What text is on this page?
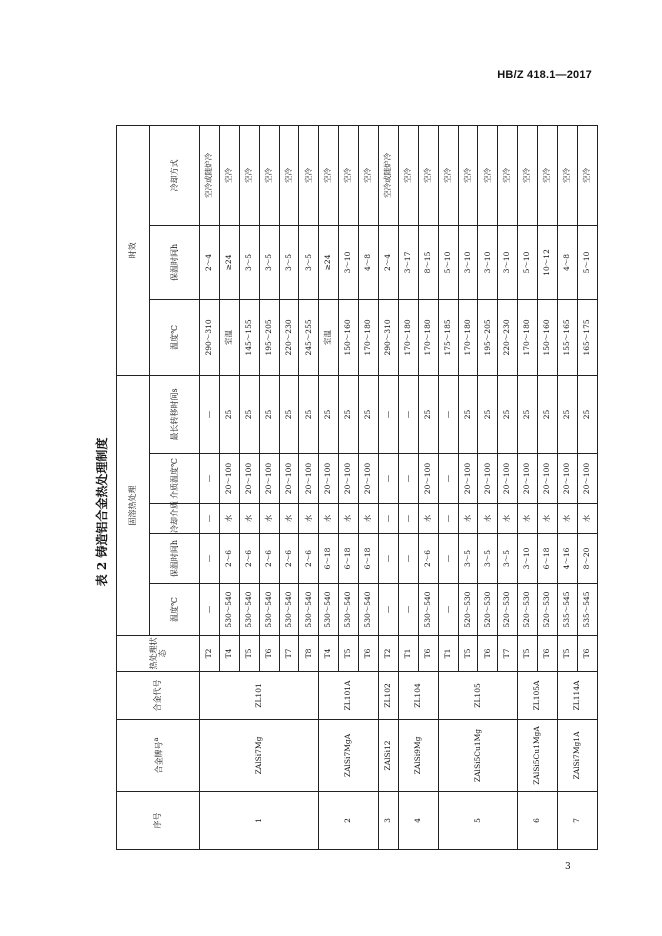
HB/Z 418.1—2017
表 2 铸造铝合金热处理制度
序号	合金牌号$^a$	合金代号	热处理状态	固溶热处理					时效		
				温度℃	保温时间h	冷却介质	介质温度℃	最长转移时间s	温度℃	保温时间h	冷却方式

1	ZAlSi7Mg	ZL101	T2	—	—	—	—	—	290～310	2～4	空冷或随炉冷
			T4	530～540	2～6	水	20～100	25	室温	≥24	空冷
			T5	530～540	2～6	水	20～100	25	145～155	3～5	空冷
			T6	530～540	2～6	水	20～100	25	195～205	3～5	空冷
			T7	530～540	2～6	水	20～100	25	220～230	3～5	空冷
			T8	530～540	2～6	水	20～100	25	245～255	3～5	空冷
2	ZAlSi7MgA	ZL101A	T4	530～540	6～18	水	20～100	25	室温	≥24	空冷
			T5	530～540	6～18	水	20～100	25	150～160	3～10	空冷
			T6	530～540	6～18	水	20～100	25	170～180	4～8	空冷
3	ZAlSi12	ZL102	T2	—	—	—	—	—	290～310	2～4	空冷或随炉冷
4	ZAlSi9Mg	ZL104	T1	—	—	—	—	—	170～180	3～17	空冷
			T6	530～540	2～6	水	20～100	25	170～180	8～15	空冷
5	ZAlSi5Cu1Mg	ZL105	T1	—	—	—	—	—	175～185	5～10	空冷
			T5	520～530	3～5	水	20～100	25	170～180	3～10	空冷
			T6	520～530	3～5	水	20～100	25	195～205	3～10	空冷
			T7	520～530	3～5	水	20～100	25	220～230	3～10	空冷
6	ZAlSi5Cu1MgA	ZL105A	T5	520～530	3～10	水	20～100	25	170～180	5～10	空冷
			T6	520～530	6～18	水	20～100	25	150～160	10～12	空冷
7	ZAlSi7Mg1A	ZL114A	T5	535～545	4～16	水	20～100	25	155～165	4～8	空冷
			T6	535～545	8～20	水	20～100	25	165～175	5～10	空冷
3
